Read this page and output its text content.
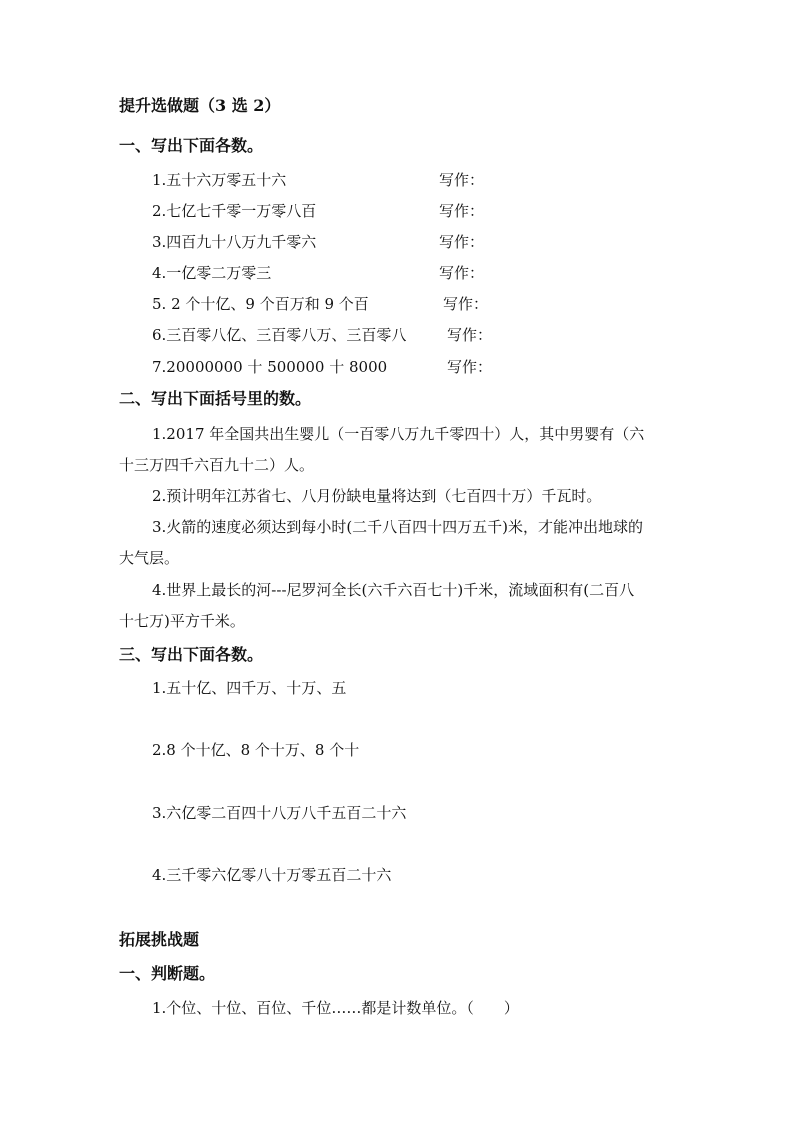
提升选做题（3 选 2）
一、写出下面各数。
1.五十六万零五十六	写作：
2.七亿七千零一万零八百	写作：
3.四百九十八万九千零六	写作：
4.一亿零二万零三	写作：
5. 2 个十亿、9 个百万和 9 个百	写作：
6.三百零八亿、三百零八万、三百零八	写作：
7.20000000 十 500000 十 8000	写作：
二、写出下面括号里的数。
1.2017 年全国共出生婴儿（一百零八万九千零四十）人，其中男婴有（六
十三万四千六百九十二）人。
2.预计明年江苏省七、八月份缺电量将达到（七百四十万）千瓦时。
3.火箭的速度必须达到每小时(二千八百四十四万五千)米，才能冲出地球的
大气层。
4.世界上最长的河---尼罗河全长(六千六百七十)千米，流域面积有(二百八
十七万)平方千米。
三、写出下面各数。
1.五十亿、四千万、十万、五
2.8 个十亿、8 个十万、8 个十
3.六亿零二百四十八万八千五百二十六
4.三千零六亿零八十万零五百二十六
拓展挑战题
一、判断题。
1.个位、十位、百位、千位……都是计数单位。（　　）
